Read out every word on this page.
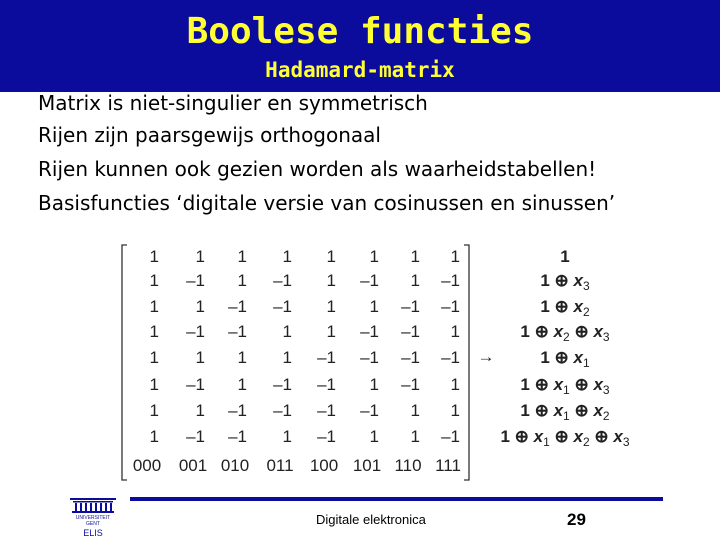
Boolese functies
Hadamard-matrix
Matrix is niet-singulier en symmetrisch
Rijen zijn paarsgewijs orthogonaal
Rijen kunnen ook gezien worden als waarheidstabellen!
Basisfuncties ‘digitale versie van cosinussen en sinussen’
1 1 1 1 1 1 1 1
1 –1 1 –1 1 –1 1 –1
1 1 –1 –1 1 1 –1 –1
1 –1 –1 1 1 –1 –1 1
1 1 1 1 –1 –1 –1 –1
1 –1 1 –1 –1 1 –1 1
1 1 –1 –1 –1 –1 1 1
1 –1 –1 1 –1 1 1 –1
000 001 010 011 100 101 110 111
→
1
1 ⊕ $x_3$
1 ⊕ $x_2$
1 ⊕ $x_2$ ⊕ $x_3$
1 ⊕ $x_1$
1 ⊕ $x_1$ ⊕ $x_3$
1 ⊕ $x_1$ ⊕ $x_2$
1 ⊕ $x_1$ ⊕ $x_2$ ⊕ $x_3$
UNIVERSITEIT
GENT
ELIS
Digitale elektronica	29
